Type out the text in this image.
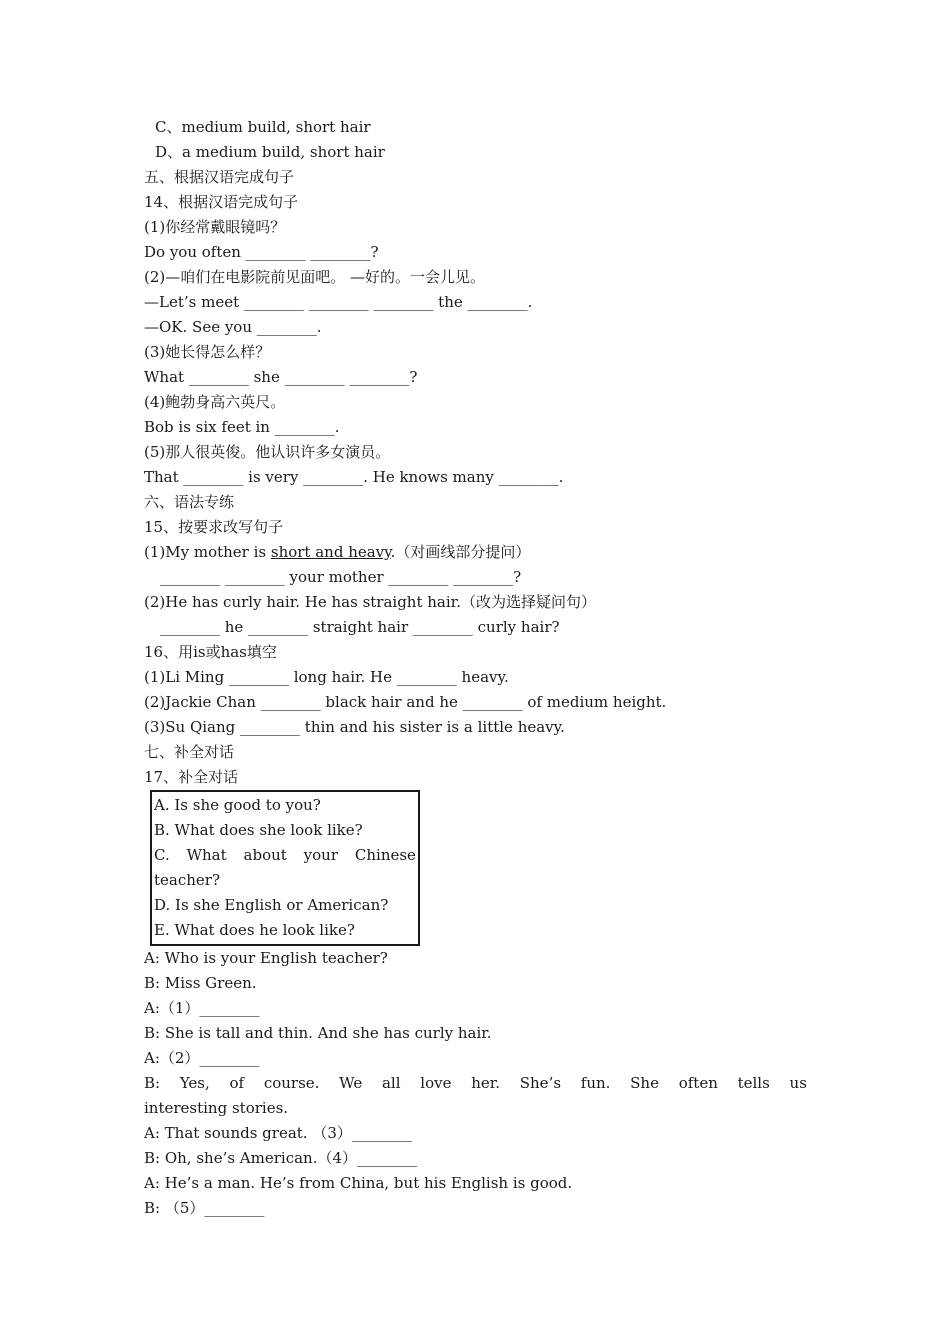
C、medium build, short hair
D、a medium build, short hair
五、根据汉语完成句子
14、根据汉语完成句子
(1)你经常戴眼镜吗？
Do you often ________ ________?
(2)—咱们在电影院前见面吧。 —好的。一会儿见。
—Let’s meet ________ ________ ________ the ________.
—OK. See you ________.
(3)她长得怎么样？
What ________ she ________ ________?
(4)鲍勃身高六英尺。
Bob is six feet in ________.
(5)那人很英俊。他认识许多女演员。
That ________ is very ________. He knows many ________.
六、语法专练
15、按要求改写句子
(1)My mother is short and heavy.（对画线部分提问）
________ ________ your mother ________ ________?
(2)He has curly hair. He has straight hair.（改为选择疑问句）
________ he ________ straight hair ________ curly hair?
16、用is或has填空
(1)Li Ming ________ long hair. He ________ heavy.
(2)Jackie Chan ________ black hair and he ________ of medium height.
(3)Su Qiang ________ thin and his sister is a little heavy.
七、补全对话
17、补全对话
A. Is she good to you?
B. What does she look like?
C. What about your Chinese
teacher?
D. Is she English or American?
E. What does he look like?
A: Who is your English teacher?
B: Miss Green.
A:（1）________
B: She is tall and thin. And she has curly hair.
A:（2）________
B: Yes, of course. We all love her. She’s fun. She often tells us
interesting stories.
A: That sounds great. （3）________
B: Oh, she’s American.（4）________
A: He’s a man. He’s from China, but his English is good.
B: （5）________
